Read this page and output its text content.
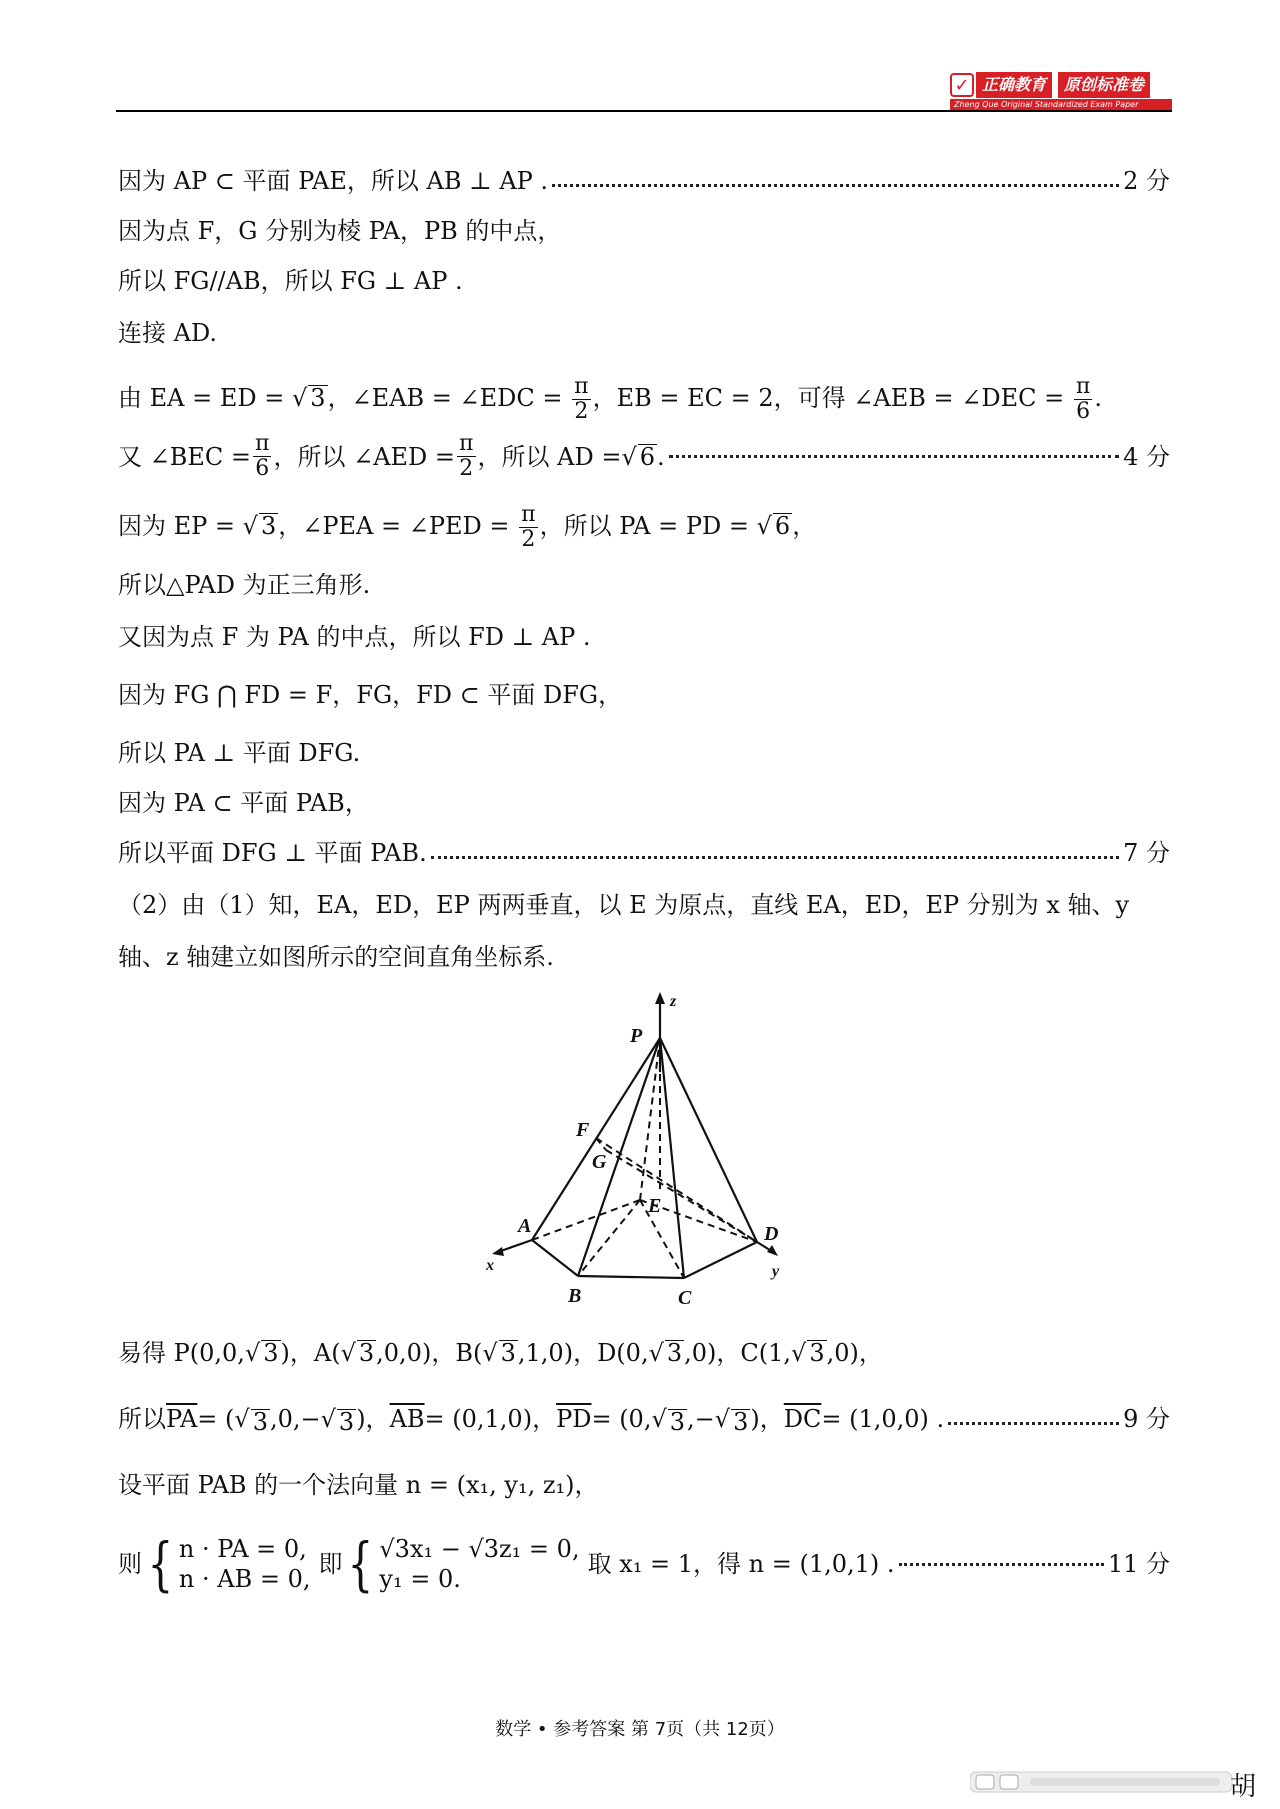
✓ 正确教育	原创标准卷
Zheng Que Original Standardized Exam Paper
因为 AP ⊂ 平面 PAE，所以 AB ⊥ AP .	2 分
因为点 F，G 分别为棱 PA，PB 的中点，
所以 FG//AB，所以 FG ⊥ AP .
连接 AD.
由 EA = ED = √ 3，∠EAB = ∠EDC = $\frac{\pi}{2}$ ，EB = EC = 2，可得 ∠AEB = ∠DEC = $\frac{\pi}{6}$ .
又 ∠BEC = $\frac{\pi}{6}$ ，所以 ∠AED = $\frac{\pi}{2}$ ，所以 AD = √ 6 .	4 分
因为 EP = √ 3，∠PEA = ∠PED = $\frac{\pi}{2}$ ，所以 PA = PD = √ 6，
所以△PAD 为正三角形.
又因为点 F 为 PA 的中点，所以 FD ⊥ AP .
因为 FG ⋂ FD = F，FG，FD ⊂ 平面 DFG，
所以 PA ⊥ 平面 DFG.
因为 PA ⊂ 平面 PAB，
所以平面 DFG ⊥ 平面 PAB.	7 分
（2）由（1）知，EA，ED，EP 两两垂直，以 E 为原点，直线 EA，ED，EP 分别为 x 轴、y
轴、z 轴建立如图所示的空间直角坐标系.
z
P
F
G
E
A
x
D
y
B	C
易得 P(0,0,√ 3)，A(√ 3,0,0)，B(√ 3,1,0)，D(0,√ 3,0)，C(1,√ 3,0)，
所以 $\overline{PA}$ = ( √ 3 ,0,− √ 3 )， $\overline{AB} = (0,1,0)$， $\overline{PD} = (0$, √ 3 ,− √ 3 )， $\overline{DC} = (1,0,0)$ .	9 分
设平面 PAB 的一个法向量 n = (x₁, y₁, z₁)，
则 { n · PA = 0,
n · AB = 0,
即 { √3x₁ − √3z₁ = 0,
y₁ = 0.
取 x₁ = 1，得 n = (1,0,1) .	11 分
数学 • 参考答案 第 7页（共 12页）
胡
